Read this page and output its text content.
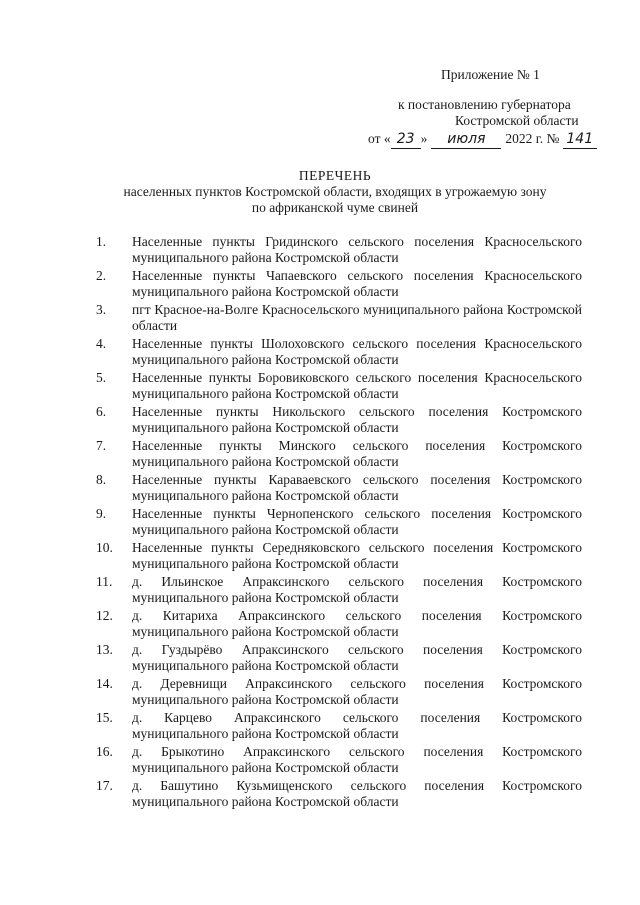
Приложение № 1
к постановлению губернатора
Костромской области
от « 23 » июля 2022 г. № 141
ПЕРЕЧЕНЬ
населенных пунктов Костромской области, входящих в угрожаемую зону
по африканской чуме свиней
1.	Населенные пункты Гридинского сельского поселения Красносельского муниципального района Костромской области
2.	Населенные пункты Чапаевского сельского поселения Красносельского муниципального района Костромской области
3.	пгт Красное-на-Волге Красносельского муниципального района Костромской области
4.	Населенные пункты Шолоховского сельского поселения Красносельского муниципального района Костромской области
5.	Населенные пункты Боровиковского сельского поселения Красносельского муниципального района Костромской области
6.	Населенные пункты Никольского сельского поселения Костромского муниципального района Костромской области
7.	Населенные пункты Минского сельского поселения Костромского муниципального района Костромской области
8.	Населенные пункты Караваевского сельского поселения Костромского муниципального района Костромской области
9.	Населенные пункты Чернопенского сельского поселения Костромского муниципального района Костромской области
10.	Населенные пункты Середняковского сельского поселения Костромского муниципального района Костромской области
11.	д. Ильинское Апраксинского сельского поселения Костромского муниципального района Костромской области
12.	д. Китариха Апраксинского сельского поселения Костромского муниципального района Костромской области
13.	д. Гуздырёво Апраксинского сельского поселения Костромского муниципального района Костромской области
14.	д. Деревнищи Апраксинского сельского поселения Костромского муниципального района Костромской области
15.	д. Карцево Апраксинского сельского поселения Костромского муниципального района Костромской области
16.	д. Брыкотино Апраксинского сельского поселения Костромского муниципального района Костромской области
17.	д. Башутино Кузьмищенского сельского поселения Костромского муниципального района Костромской области
